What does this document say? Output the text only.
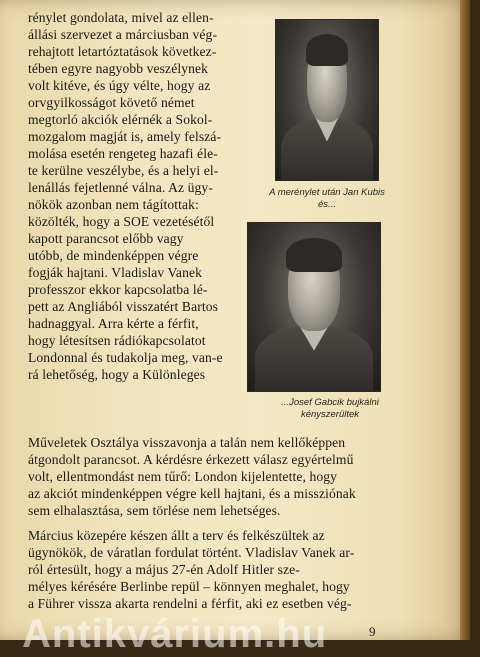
rénylet gondolata, mivel az ellen-
állási szervezet a márciusban vég-
rehajtott letartóztatások következ-
tében egyre nagyobb veszélynek
volt kitéve, és úgy vélte, hogy az
orvgyilkosságot követő német
megtorló akciók elérnék a Sokol-
mozgalom magját is, amely felszá-
molása esetén rengeteg hazafi éle-
te kerülne veszélybe, és a helyi el-
lenállás fejetlenné válna. Az ügy-
nökök azonban nem tágítottak:
közölték, hogy a SOE vezetésétől
kapott parancsot előbb vagy
utóbb, de mindenképpen végre
fogják hajtani. Vladislav Vanek
professzor ekkor kapcsolatba lé-
pett az Angliából visszatért Bartos
hadnaggyal. Arra kérte a férfit,
hogy létesítsen rádiókapcsolatot
Londonnal és tudakolja meg, van-e
rá lehetőség, hogy a Különleges
A merénylet után Jan Kubis
és...
...Josef Gabcik bujkálni
kényszerültek
Műveletek Osztálya visszavonja a talán nem kellőképpen
átgondolt parancsot. A kérdésre érkezett válasz egyértelmű
volt, ellentmondást nem tűrő: London kijelentette, hogy
az akciót mindenképpen végre kell hajtani, és a missziónak
sem elhalasztása, sem törlése nem lehetséges.
Március közepére készen állt a terv és felkészültek az
ügynökök, de váratlan fordulat történt. Vladislav Vanek ar-
ról értesült, hogy a május 27-én Adolf Hitler sze-
mélyes kérésére Berlinbe repül – könnyen meghalet, hogy
a Führer vissza akarta rendelni a férfit, aki ez esetben vég-
Antikvárium.hu	9
